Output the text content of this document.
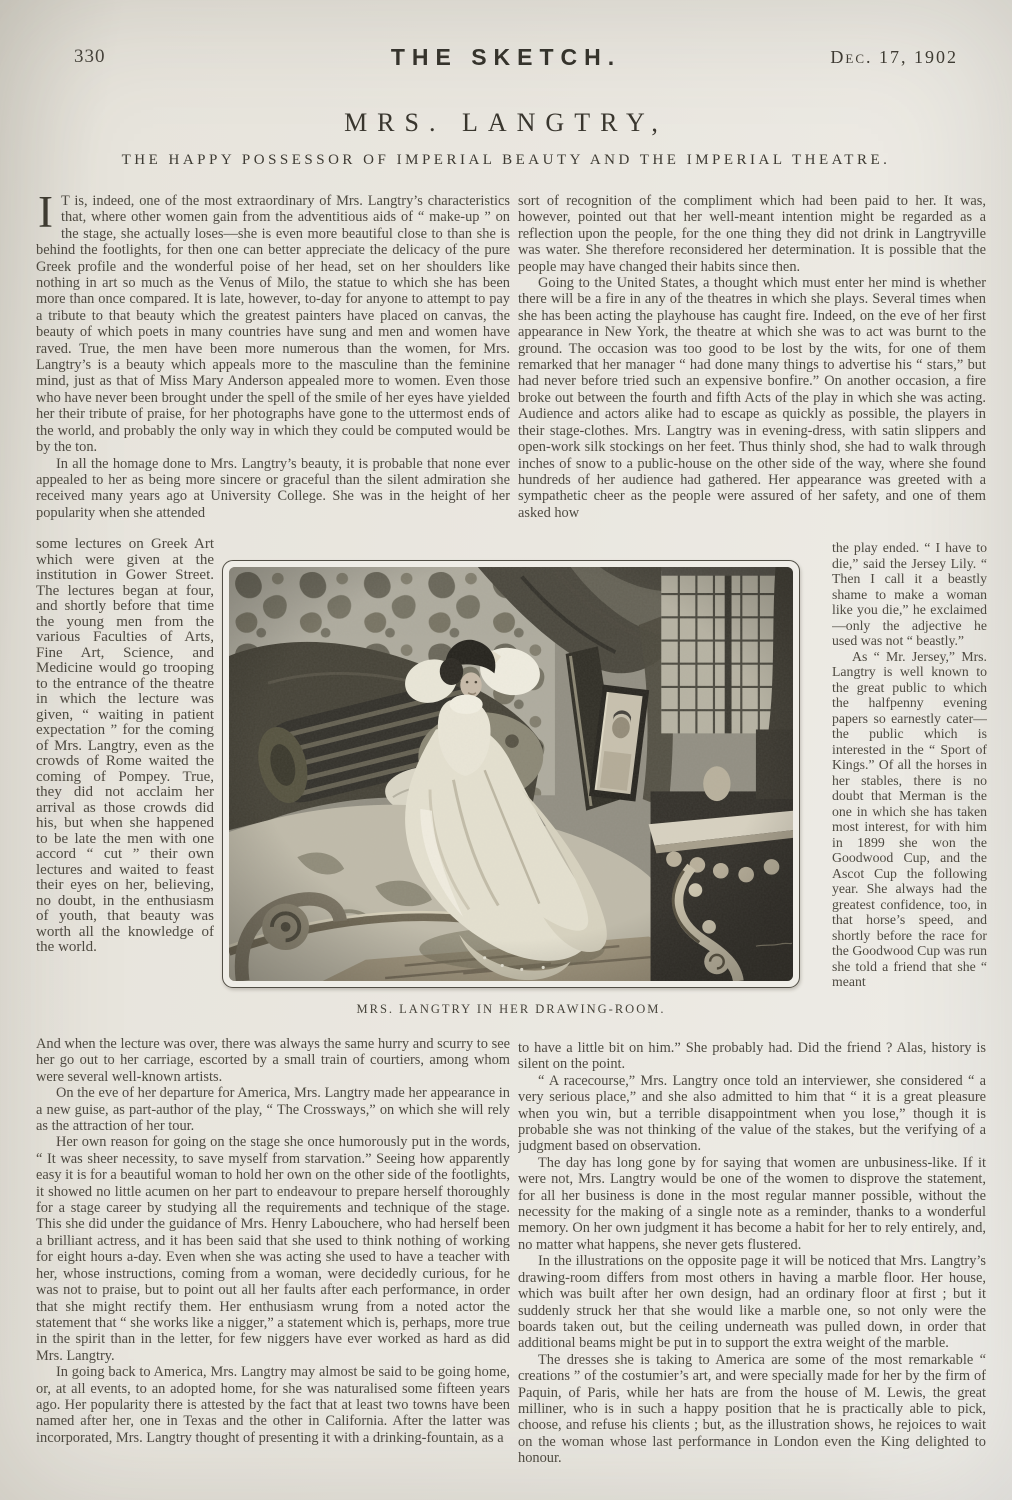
330	THE SKETCH.	Dec. 17, 1902
MRS. LANGTRY,
THE HAPPY POSSESSOR OF IMPERIAL BEAUTY AND THE IMPERIAL THEATRE.

I T is, indeed, one of the most extraordinary of Mrs. Langtry’s characteristics that, where other women gain from the adventitious aids of “ make-up ” on the stage, she actually loses—she is even more beautiful close to than she is behind the footlights, for then one can better appreciate the delicacy of the pure Greek profile and the wonderful poise of her head, set on her shoulders like nothing in art so much as the Venus of Milo, the statue to which she has been more than once compared. It is late, however, to-day for anyone to attempt to pay a tribute to that beauty which the greatest painters have placed on canvas, the beauty of which poets in many countries have sung and men and women have raved. True, the men have been more numerous than the women, for Mrs. Langtry’s is a beauty which appeals more to the masculine than the feminine mind, just as that of Miss Mary Anderson appealed more to women. Even those who have never been brought under the spell of the smile of her eyes have yielded her their tribute of praise, for her photographs have gone to the uttermost ends of the world, and probably the only way in which they could be computed would be by the ton.

In all the homage done to Mrs. Langtry’s beauty, it is probable that none ever appealed to her as being more sincere or graceful than the silent admiration she received many years ago at University College. She was in the height of her popularity when she attended

sort of recognition of the compliment which had been paid to her. It was, however, pointed out that her well-meant intention might be regarded as a reflection upon the people, for the one thing they did not drink in Langtryville was water. She therefore reconsidered her determination. It is possible that the people may have changed their habits since then.

Going to the United States, a thought which must enter her mind is whether there will be a fire in any of the theatres in which she plays. Several times when she has been acting the playhouse has caught fire. Indeed, on the eve of her first appearance in New York, the theatre at which she was to act was burnt to the ground. The occasion was too good to be lost by the wits, for one of them remarked that her manager “ had done many things to advertise his “ stars,” but had never before tried such an expensive bonfire.” On another occasion, a fire broke out between the fourth and fifth Acts of the play in which she was acting. Audience and actors alike had to escape as quickly as possible, the players in their stage-clothes. Mrs. Langtry was in evening-dress, with satin slippers and open-work silk stockings on her feet. Thus thinly shod, she had to walk through inches of snow to a public-house on the other side of the way, where she found hundreds of her audience had gathered. Her appearance was greeted with a sympathetic cheer as the people were assured of her safety, and one of them asked how

some lectures on Greek Art which were given at the institution in Gower Street. The lectures began at four, and shortly before that time the young men from the various Faculties of Arts, Fine Art, Science, and Medicine would go trooping to the entrance of the theatre in which the lecture was given, “ waiting in patient expectation ” for the coming of Mrs. Langtry, even as the crowds of Rome waited the coming of Pompey. True, they did not acclaim her arrival as those crowds did his, but when she happened to be late the men with one accord “ cut ” their own lectures and waited to feast their eyes on her, believing, no doubt, in the enthusiasm of youth, that beauty was worth all the knowledge of the world.

the play ended. “ I have to die,” said the Jersey Lily. “ Then I call it a beastly shame to make a woman like you die,” he exclaimed—only the adjective he used was not “ beastly.”

As “ Mr. Jersey,” Mrs. Langtry is well known to the great public to which the halfpenny evening papers so earnestly cater—the public which is interested in the “ Sport of Kings.” Of all the horses in her stables, there is no doubt that Merman is the one in which she has taken most interest, for with him in 1899 she won the Goodwood Cup, and the Ascot Cup the following year. She always had the greatest confidence, too, in that horse’s speed, and shortly before the race for the Goodwood Cup was run she told a friend that she “ meant

MRS. LANGTRY IN HER DRAWING-ROOM.

And when the lecture was over, there was always the same hurry and scurry to see her go out to her carriage, escorted by a small train of courtiers, among whom were several well-known artists.

On the eve of her departure for America, Mrs. Langtry made her appearance in a new guise, as part-author of the play, “ The Crossways,” on which she will rely as the attraction of her tour.

Her own reason for going on the stage she once humorously put in the words, “ It was sheer necessity, to save myself from starvation.” Seeing how apparently easy it is for a beautiful woman to hold her own on the other side of the footlights, it showed no little acumen on her part to endeavour to prepare herself thoroughly for a stage career by studying all the requirements and technique of the stage. This she did under the guidance of Mrs. Henry Labouchere, who had herself been a brilliant actress, and it has been said that she used to think nothing of working for eight hours a-day. Even when she was acting she used to have a teacher with her, whose instructions, coming from a woman, were decidedly curious, for he was not to praise, but to point out all her faults after each performance, in order that she might rectify them. Her enthusiasm wrung from a noted actor the statement that “ she works like a nigger,” a statement which is, perhaps, more true in the spirit than in the letter, for few niggers have ever worked as hard as did Mrs. Langtry.

In going back to America, Mrs. Langtry may almost be said to be going home, or, at all events, to an adopted home, for she was naturalised some fifteen years ago. Her popularity there is attested by the fact that at least two towns have been named after her, one in Texas and the other in California. After the latter was incorporated, Mrs. Langtry thought of presenting it with a drinking-fountain, as a

to have a little bit on him.” She probably had. Did the friend ? Alas, history is silent on the point.

“ A racecourse,” Mrs. Langtry once told an interviewer, she considered “ a very serious place,” and she also admitted to him that “ it is a great pleasure when you win, but a terrible disappointment when you lose,” though it is probable she was not thinking of the value of the stakes, but the verifying of a judgment based on observation.

The day has long gone by for saying that women are unbusiness-like. If it were not, Mrs. Langtry would be one of the women to disprove the statement, for all her business is done in the most regular manner possible, without the necessity for the making of a single note as a reminder, thanks to a wonderful memory. On her own judgment it has become a habit for her to rely entirely, and, no matter what happens, she never gets flustered.

In the illustrations on the opposite page it will be noticed that Mrs. Langtry’s drawing-room differs from most others in having a marble floor. Her house, which was built after her own design, had an ordinary floor at first ; but it suddenly struck her that she would like a marble one, so not only were the boards taken out, but the ceiling underneath was pulled down, in order that additional beams might be put in to support the extra weight of the marble.

The dresses she is taking to America are some of the most remarkable “ creations ” of the costumier’s art, and were specially made for her by the firm of Paquin, of Paris, while her hats are from the house of M. Lewis, the great milliner, who is in such a happy position that he is practically able to pick, choose, and refuse his clients ; but, as the illustration shows, he rejoices to wait on the woman whose last performance in London even the King delighted to honour.
